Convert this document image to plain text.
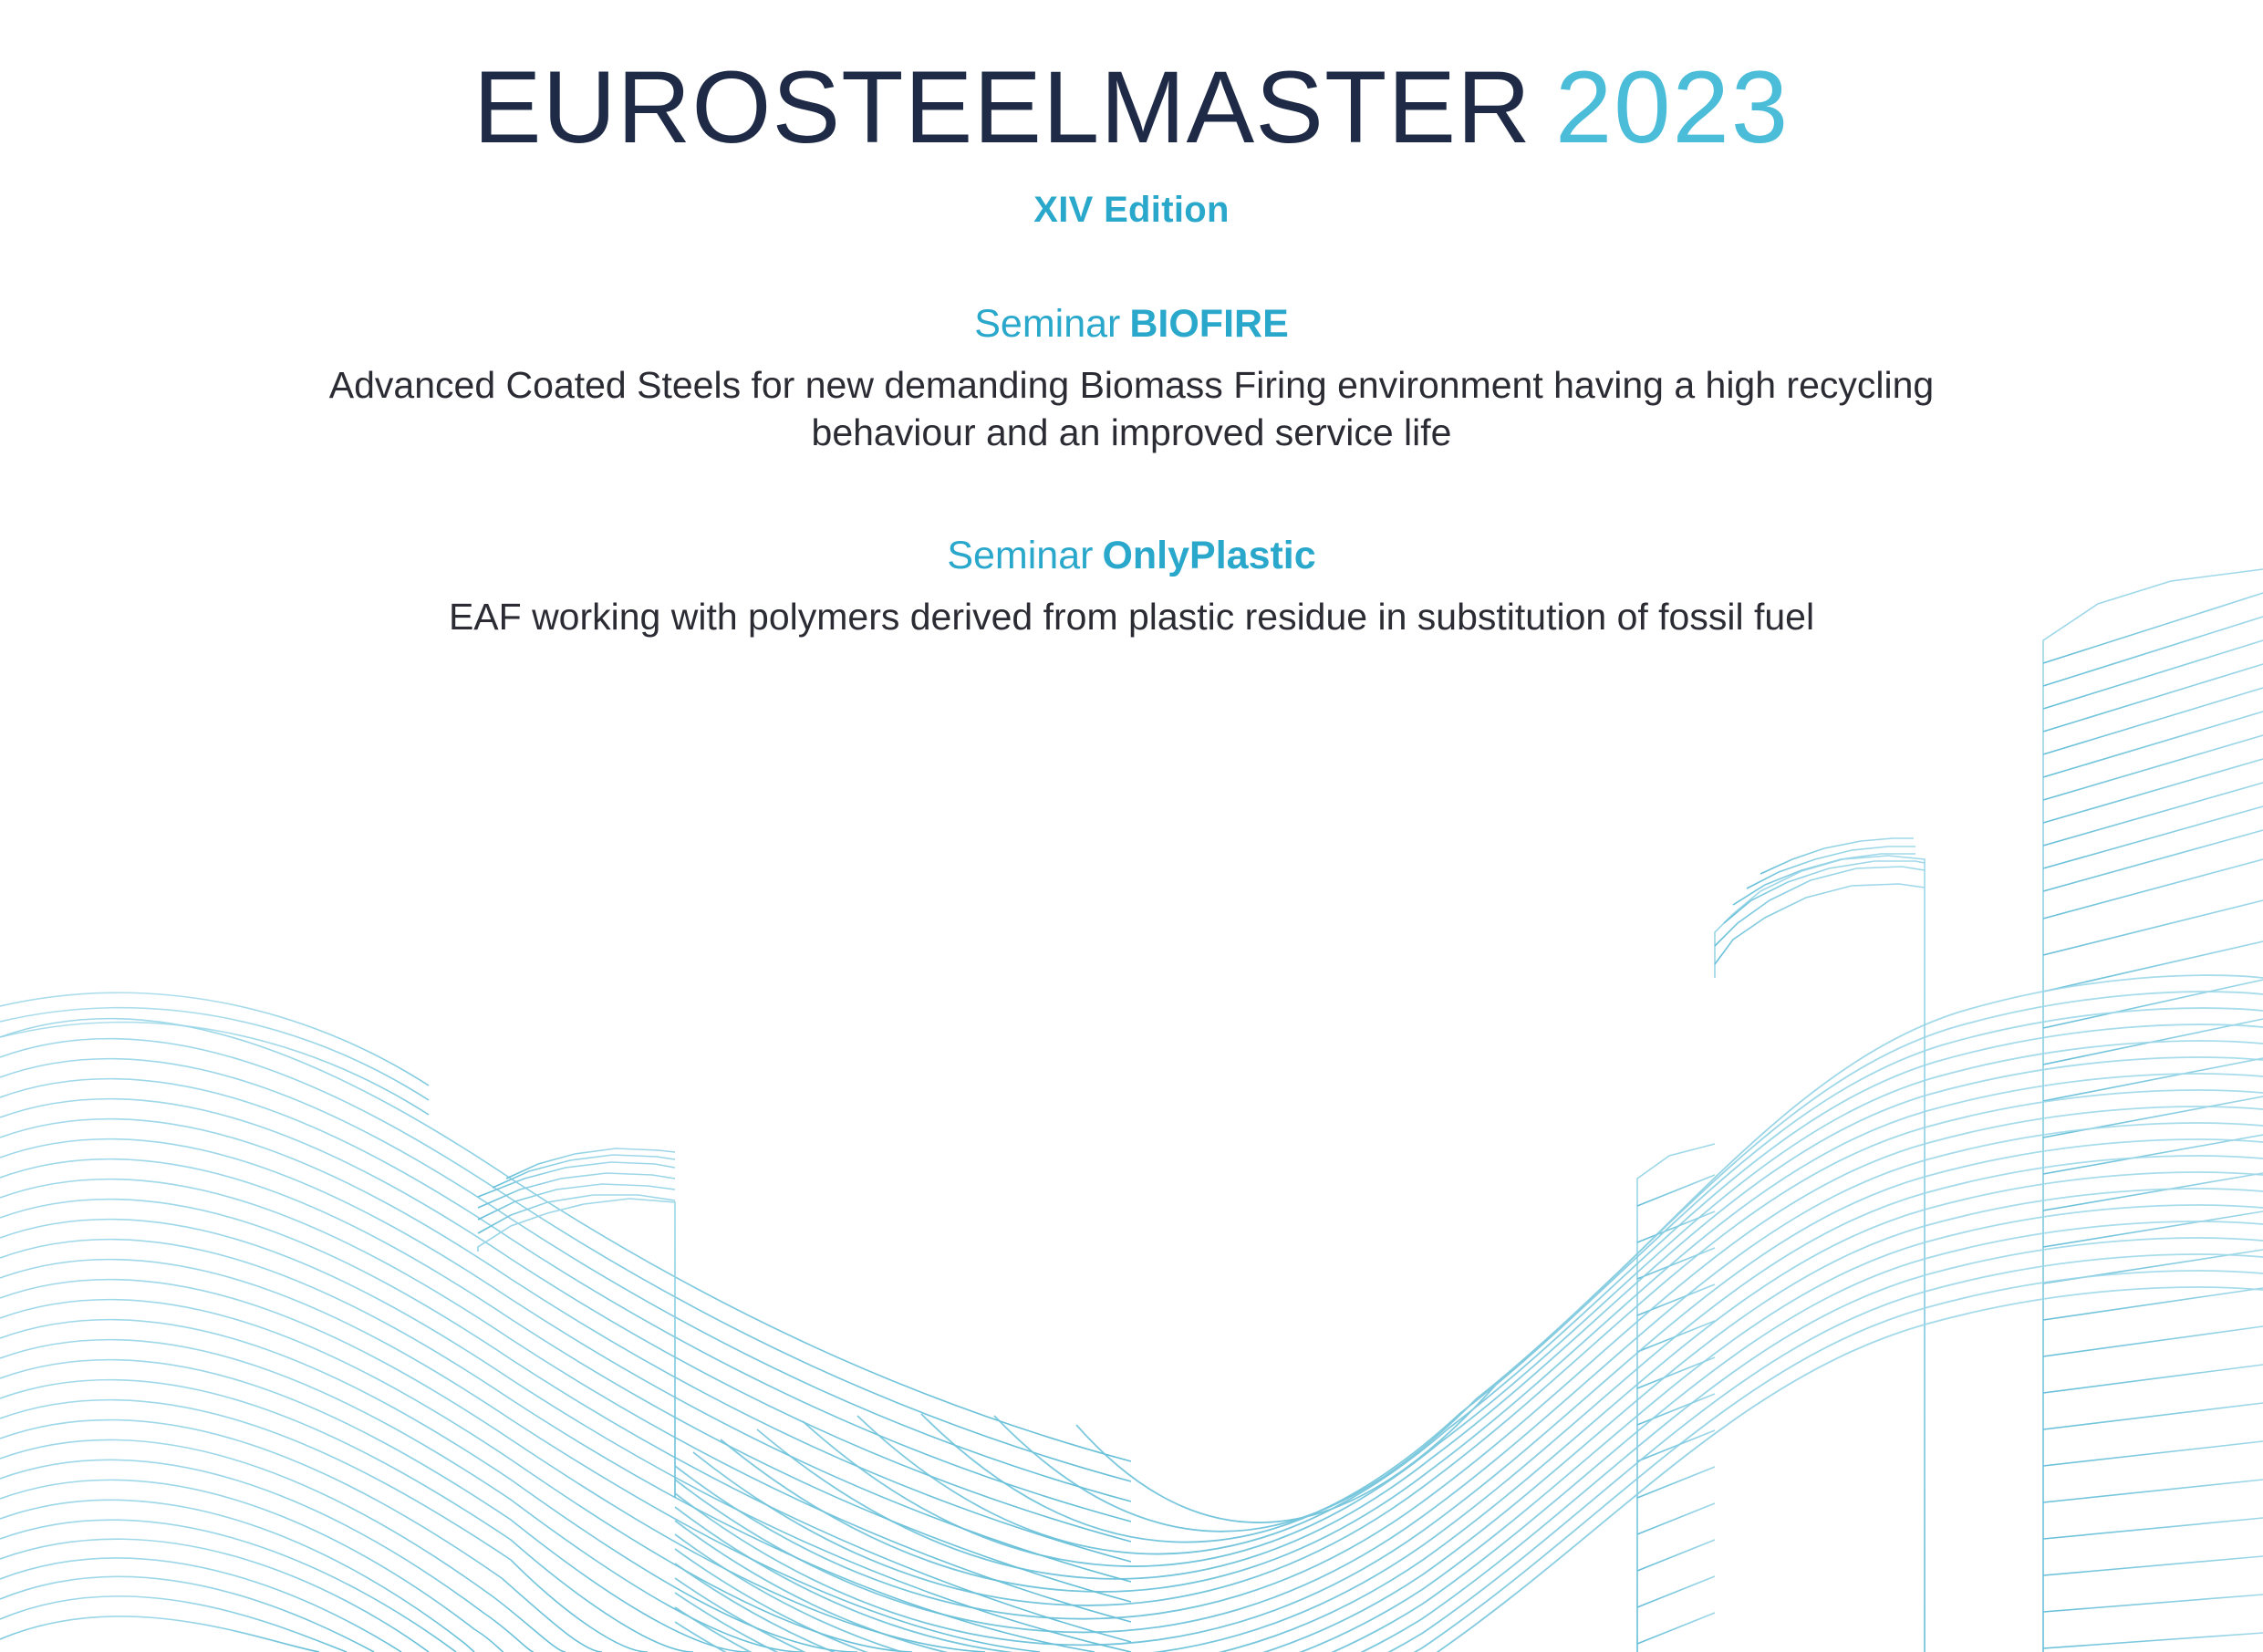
EUROSTEELMASTER 2023
XIV Edition
Seminar BIOFIRE
Advanced Coated Steels for new demanding Biomass Firing environment having a high recycling behaviour and an improved service life
Seminar OnlyPlastic
EAF working with polymers derived from plastic residue in substitution of fossil fuel
